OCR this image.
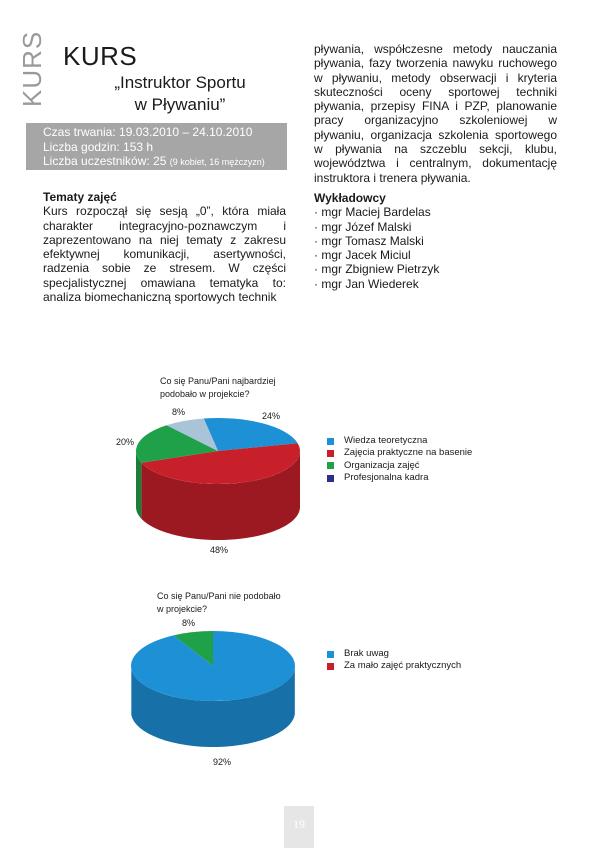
KURS KURS
„Instruktor Sportu
w Pływaniu”
Czas trwania: 19.03.2010 – 24.10.2010
Liczba godzin: 153 h
Liczba uczestników: 25 (9 kobiet, 16 mężczyzn)
Tematy zajęć
Kurs rozpoczął się sesją „0”, która miała charakter integracyjno-poznawczym i zaprezentowano na niej tematy z zakresu efektywnej komunikacji, asertywności, radzenia sobie ze stresem. W części specjalistycznej omawiana tematyka to: analiza biomechaniczną sportowych technik
pływania, współczesne metody nauczania pływania, fazy tworzenia nawyku ruchowego w pływaniu, metody obserwacji i kryteria skuteczności oceny sportowej techniki pływania, przepisy FINA i PZP, planowanie pracy organizacyjno szkoleniowej w pływaniu, organizacja szkolenia sportowego w pływania na szczeblu sekcji, klubu, województwa i centralnym, dokumentację instruktora i trenera pływania.
Wykładowcy
· mgr Maciej Bardelas
· mgr Józef Malski
· mgr Tomasz Malski
· mgr Jacek Miciul
· mgr Zbigniew Pietrzyk
· mgr Jan Wiederek
Co się Panu/Pani najbardziej
podobało w projekcie?
24%
48%
20%
8%
Wiedza teoretyczna
Zajęcia praktyczne na basenie
Organizacja zajęć
Profesjonalna kadra
Co się Panu/Pani nie podobało
w projekcie?
8%
92%
Brak uwag
Za mało zajęć praktycznych
19
